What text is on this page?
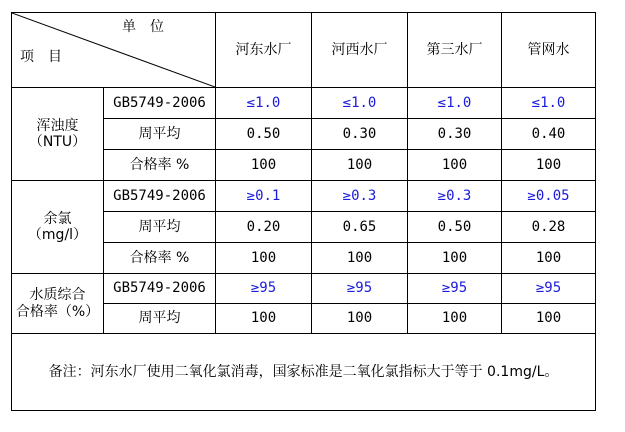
单位
项目		河东水厂	河西水厂	第三水厂	管网水
浑浊度
（NTU）	GB5749-2006	≤1.0	≤1.0	≤1.0	≤1.0
	周平均	0.50	0.30	0.30	0.40
	合格率 %	100	100	100	100
余氯
（mg/l）	GB5749-2006	≥0.1	≥0.3	≥0.3	≥0.05
	周平均	0.20	0.65	0.50	0.28
	合格率 %	100	100	100	100
水质综合
合格率（%）	GB5749-2006	≥95	≥95	≥95	≥95
	周平均	100	100	100	100
备注：河东水厂使用二氧化氯消毒，国家标准是二氧化氯指标大于等于 0.1mg/L。					
